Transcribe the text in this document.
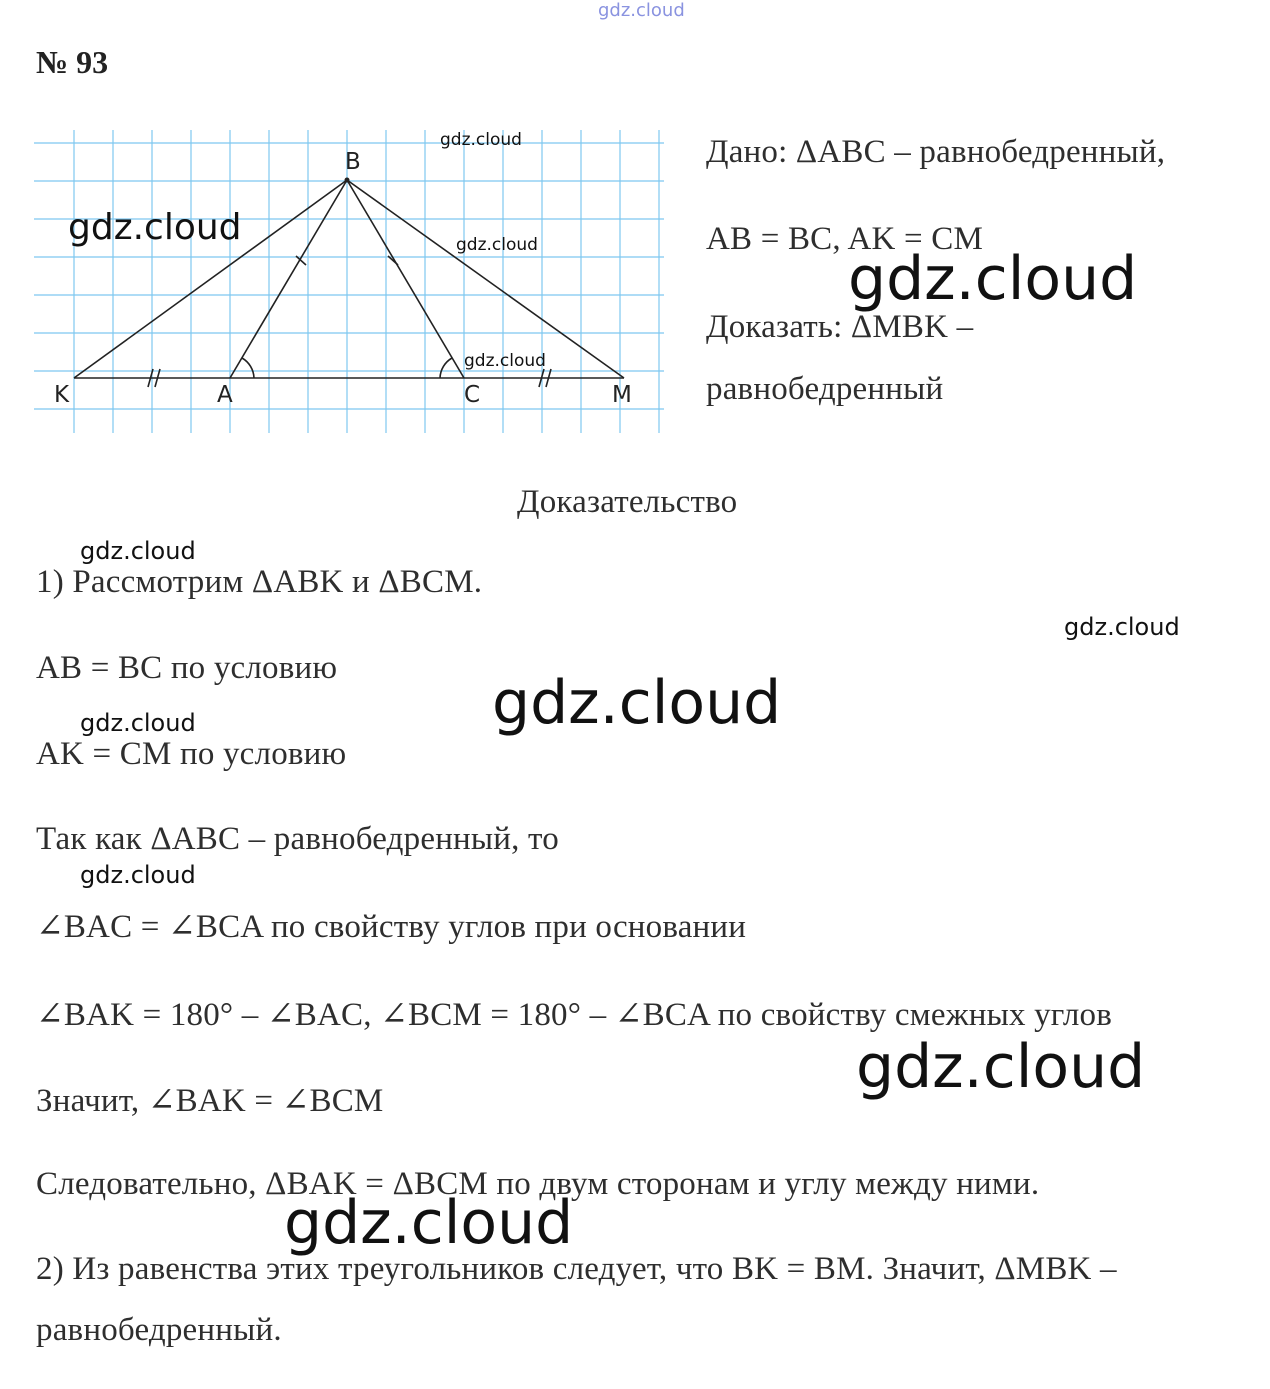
gdz.cloud
№ 93
B
K	A	C	M
gdz.cloud
gdz.cloud	gdz.cloud
gdz.cloud
Дано: ΔABC – равнобедренный,
AB = BC, AK = CM
gdz.cloud
Доказать: ΔMBK –
равнобедренный
Доказательство
gdz.cloud
1) Рассмотрим ΔABK и ΔBCM.
gdz.cloud
AB = BC по условию	gdz.cloud
gdz.cloud
AK = CM по условию
Так как ΔABC – равнобедренный, то
gdz.cloud
∠BAC = ∠BCA по свойству углов при основании
∠BAK = 180° – ∠BAC, ∠BCM = 180° – ∠BCA по свойству смежных углов
gdz.cloud
Значит, ∠BAK = ∠BCM
Следовательно, ΔBAK = ΔBCM по двум сторонам и углу между ними.
gdz.cloud
2) Из равенства этих треугольников следует, что BK = BM. Значит, ΔMBK –
равнобедренный.
